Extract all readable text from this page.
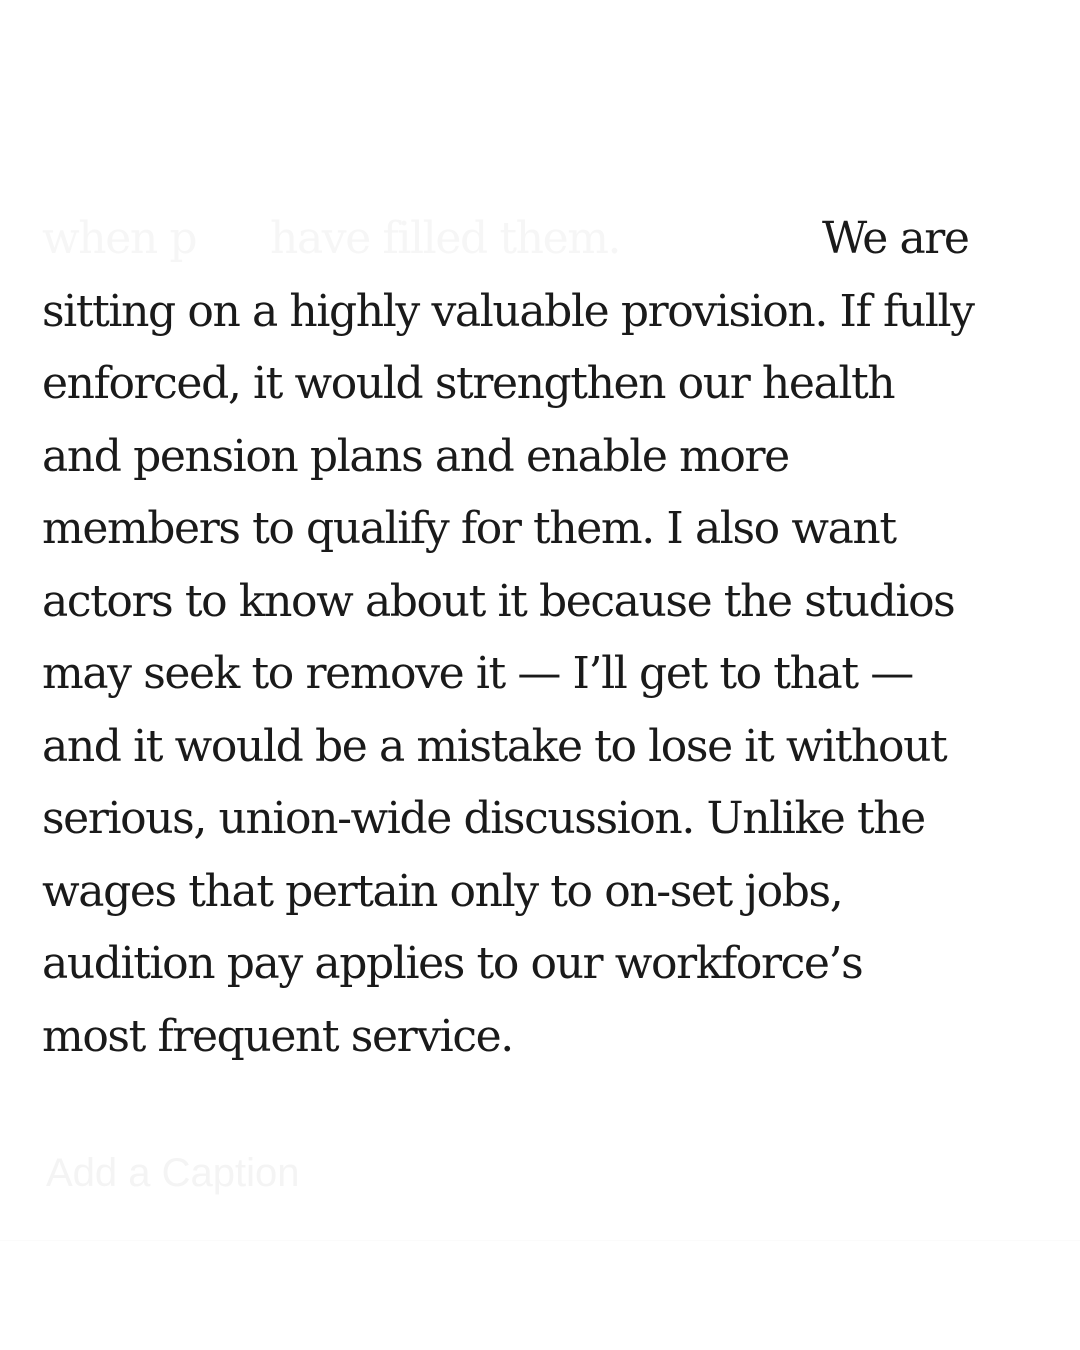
when p          have filled them.	We are
sitting on a highly valuable provision. If fully
enforced, it would strengthen our health
and pension plans and enable more
members to qualify for them. I also want
actors to know about it because the studios
may seek to remove it — I’ll get to that —
and it would be a mistake to lose it without
serious, union-wide discussion. Unlike the
wages that pertain only to on-set jobs,
audition pay applies to our workforce’s
most frequent service.
Add a Caption
